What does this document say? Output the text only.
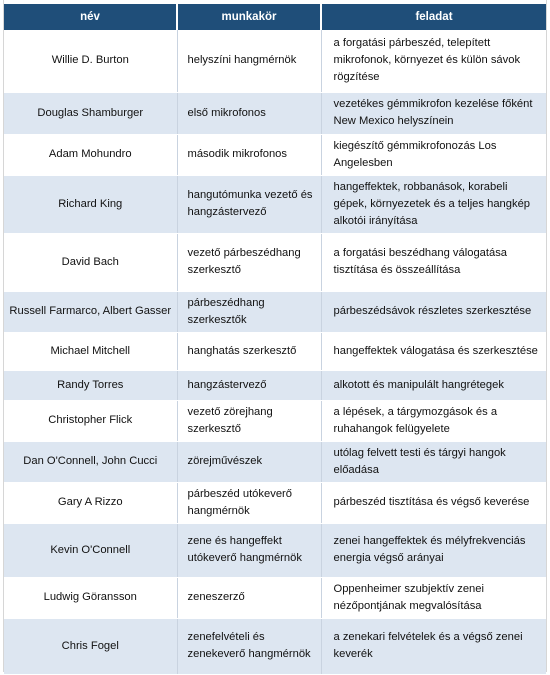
név	munkakör	feladat
Willie D. Burton	helyszíni hangmérnök	a forgatási párbeszéd, telepített mikrofonok, környezet és külön sávok rögzítése
Douglas Shamburger	első mikrofonos	vezetékes gémmikrofon kezelése főként New Mexico helyszínein
Adam Mohundro	második mikrofonos	kiegészítő gémmikrofonozás Los Angelesben
Richard King	hangutómunka vezető és hangzástervező	hangeffektek, robbanások, korabeli gépek, környezetek és a teljes hangkép alkotói irányítása
David Bach	vezető párbeszédhang szerkesztő	a forgatási beszédhang válogatása tisztítása és összeállítása
Russell Farmarco, Albert Gasser	párbeszédhang szerkesztők	párbeszédsávok részletes szerkesztése
Michael Mitchell	hanghatás szerkesztő	hangeffektek válogatása és szerkesztése
Randy Torres	hangzástervező	alkotott és manipulált hangrétegek
Christopher Flick	vezető zörejhang szerkesztő	a lépések, a tárgymozgások és a ruhahangok felügyelete
Dan O'Connell, John Cucci	zörejművészek	utólag felvett testi és tárgyi hangok előadása
Gary A Rizzo	párbeszéd utókeverő hangmérnök	párbeszéd tisztítása és végső keverése
Kevin O'Connell	zene és hangeffekt utókeverő hangmérnök	zenei hangeffektek és mélyfrekvenciás energia végső arányai
Ludwig Göransson	zeneszerző	Oppenheimer szubjektív zenei nézőpontjának megvalósítása
Chris Fogel	zenefelvételi és zenekeverő hangmérnök	a zenekari felvételek és a végső zenei keverék
